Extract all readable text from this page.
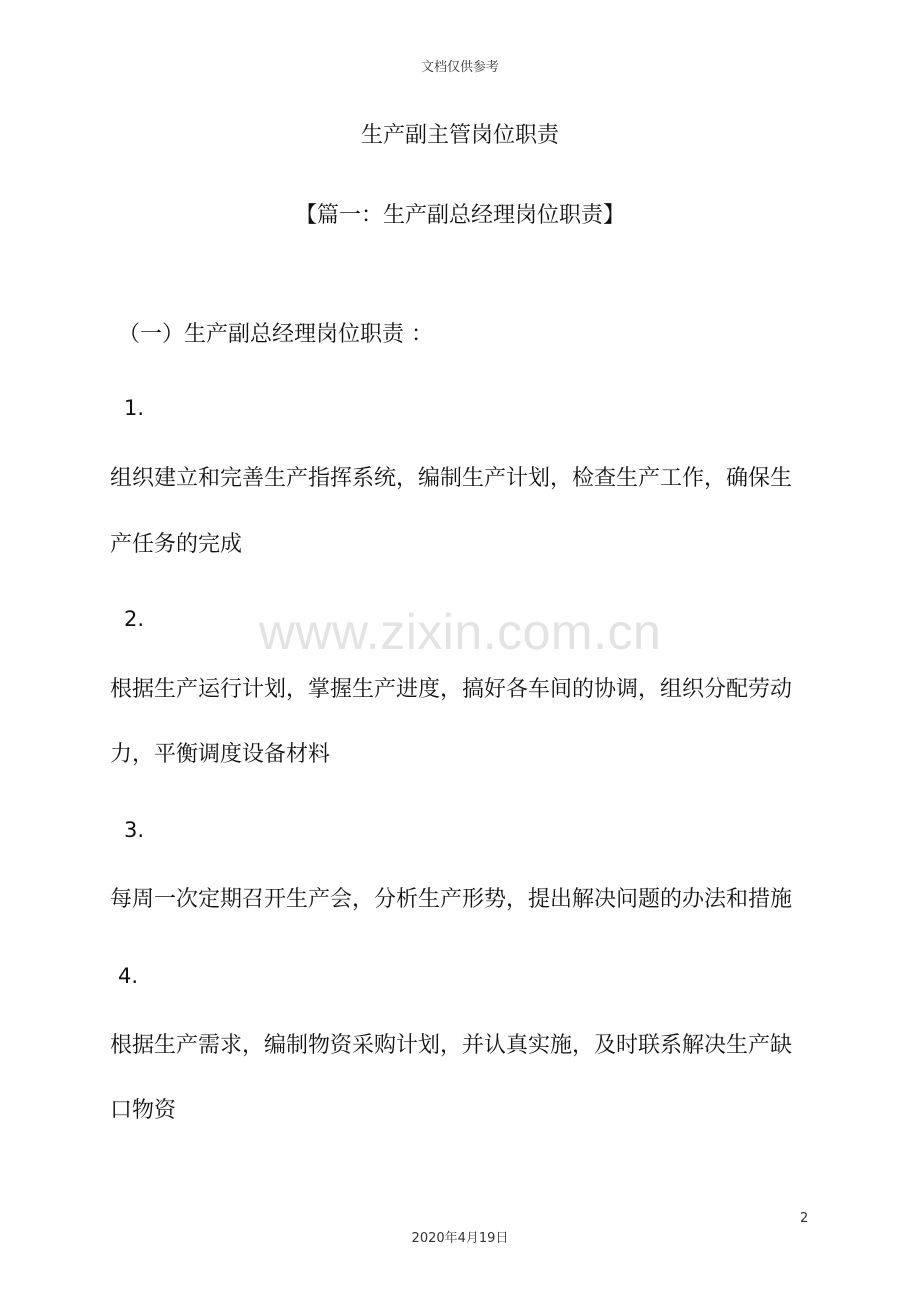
文档仅供参考
生产副主管岗位职责
【篇一：生产副总经理岗位职责】
（一）生产副总经理岗位职责 ：
1.
组织建立和完善生产指挥系统，编制生产计划，检查生产工作，确保生
产任务的完成
2.
根据生产运行计划，掌握生产进度，搞好各车间的协调，组织分配劳动
力，平衡调度设备材料
3.
每周一次定期召开生产会，分析生产形势，提出解决问题的办法和措施
4.
根据生产需求，编制物资采购计划，并认真实施，及时联系解决生产缺
口物资
www.zixin.com.cn
2
2020年4月19日
